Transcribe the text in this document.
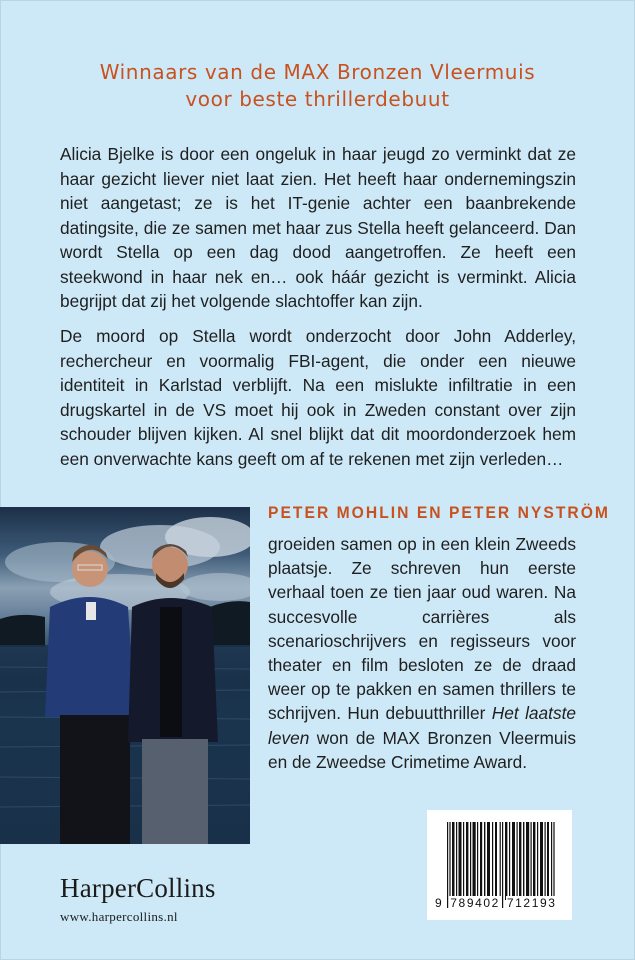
Winnaars van de MAX Bronzen Vleermuis
voor beste thrillerdebuut

Alicia Bjelke is door een ongeluk in haar jeugd zo verminkt dat ze haar gezicht liever niet laat zien. Het heeft haar ondernemingszin niet aangetast; ze is het IT-genie achter een baanbrekende datingsite, die ze samen met haar zus Stella heeft gelanceerd. Dan wordt Stella op een dag dood aangetroffen. Ze heeft een steekwond in haar nek en… ook háár gezicht is verminkt. Alicia begrijpt dat zij het volgende slachtoffer kan zijn.

De moord op Stella wordt onderzocht door John Adderley, rechercheur en voormalig FBI-agent, die onder een nieuwe identiteit in Karlstad verblijft. Na een mislukte infiltratie in een drugskartel in de VS moet hij ook in Zweden constant over zijn schouder blijven kijken. Al snel blijkt dat dit moordonderzoek hem een onverwachte kans geeft om af te rekenen met zijn verleden…

PETER MOHLIN EN PETER NYSTRÖM

groeiden samen op in een klein Zweeds plaatsje. Ze schreven hun eerste verhaal toen ze tien jaar oud waren. Na succesvolle carrières als scenarioschrijvers en regisseurs voor theater en film besloten ze de draad weer op te pakken en samen thrillers te schrijven. Hun debuutthriller Het laatste leven won de MAX Bronzen Vleermuis en de Zweedse Crimetime Award.

HarperCollins
www.harpercollins.nl
9 789402 712193
